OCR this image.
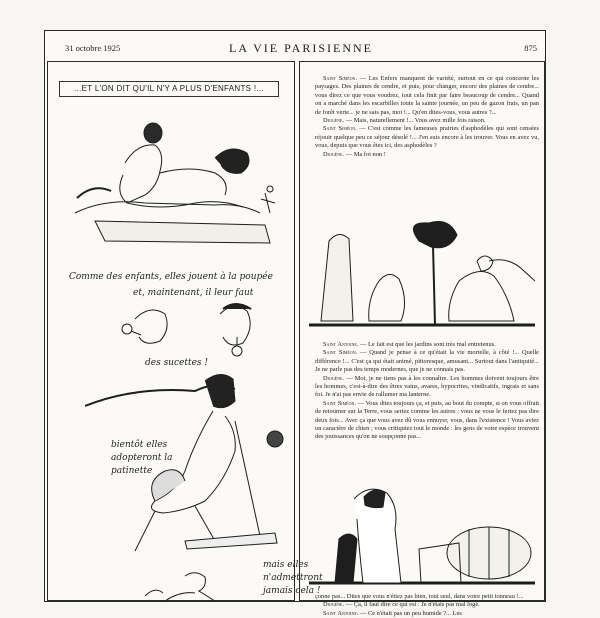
31 octobre 1925	LA VIE PARISIENNE	875
...ET L'ON DIT QU'IL N'Y A PLUS D'ENFANTS !...
Comme des enfants, elles jouent à la poupée
et, maintenant, il leur faut
des sucettes !
bientôt elles adopteront la patinette
mais elles n'admettront jamais cela !

Saint Siméon. — Les Enfers manquent de variété, surtout en ce qui concerne les paysages. Des plaines de cendre, et puis, pour changer, encore des plaines de cendre... vous direz ce que vous voudrez, tout cela finit par faire beaucoup de cendre... Quand on a marché dans les escarbilles toute la sainte journée, un peu de gazon frais, un pan de forêt verte... je ne sais pas, moi !... Qu'en dites-vous, vous autres ?...

Diogène. — Mais, naturellement !... Vous avez mille fois raison.

Saint Siméon. — C'est comme les fameuses prairies d'asphodèles qui sont censées réjouir quelque peu ce séjour désolé !... J'en suis encore à les trouver. Vous en avez vu, vous, depuis que vous êtes ici, des asphodèles ?

Diogène. — Ma foi non !

Saint Antoine. — Le fait est que les jardins sont très mal entretenus.

Saint Siméon. — Quand je pense à ce qu'était la vie mortelle, à côté !... Quelle différence !... C'est ça qui était animé, pittoresque, amusant... Surtout dans l'antiquité... Je ne parle pas des temps modernes, que je ne connais pas.

Diogène. — Moi, je ne tiens pas à les connaître. Les hommes doivent toujours être les hommes, c'est-à-dire des êtres vains, avares, hypocrites, vindicatifs, ingrats et sans foi. Je n'ai pas envie de rallumer ma lanterne.

Saint Siméon. — Vous dites toujours ça, et puis, au bout du compte, si on vous offrait de retourner sur la Terre, vous seriez comme les autres : vous ne vous le feriez pas dire deux fois... Avec ça que vous avez dû vous ennuyer, vous, dans l'existence ! Vous aviez un caractère de chien ; vous critiquiez tout le monde : les gens de votre espèce trouvent des jouissances qu'on ne soupçonne pas...

çonne pas... Dites que vous n'étiez pas bien, tout seul, dans votre petit tonneau !...

Diogène. — Ça, il faut dire ce qui est : Je n'étais pas mal logé.

Saint Antoine. — Ce n'était pas un peu humide ?... Les
